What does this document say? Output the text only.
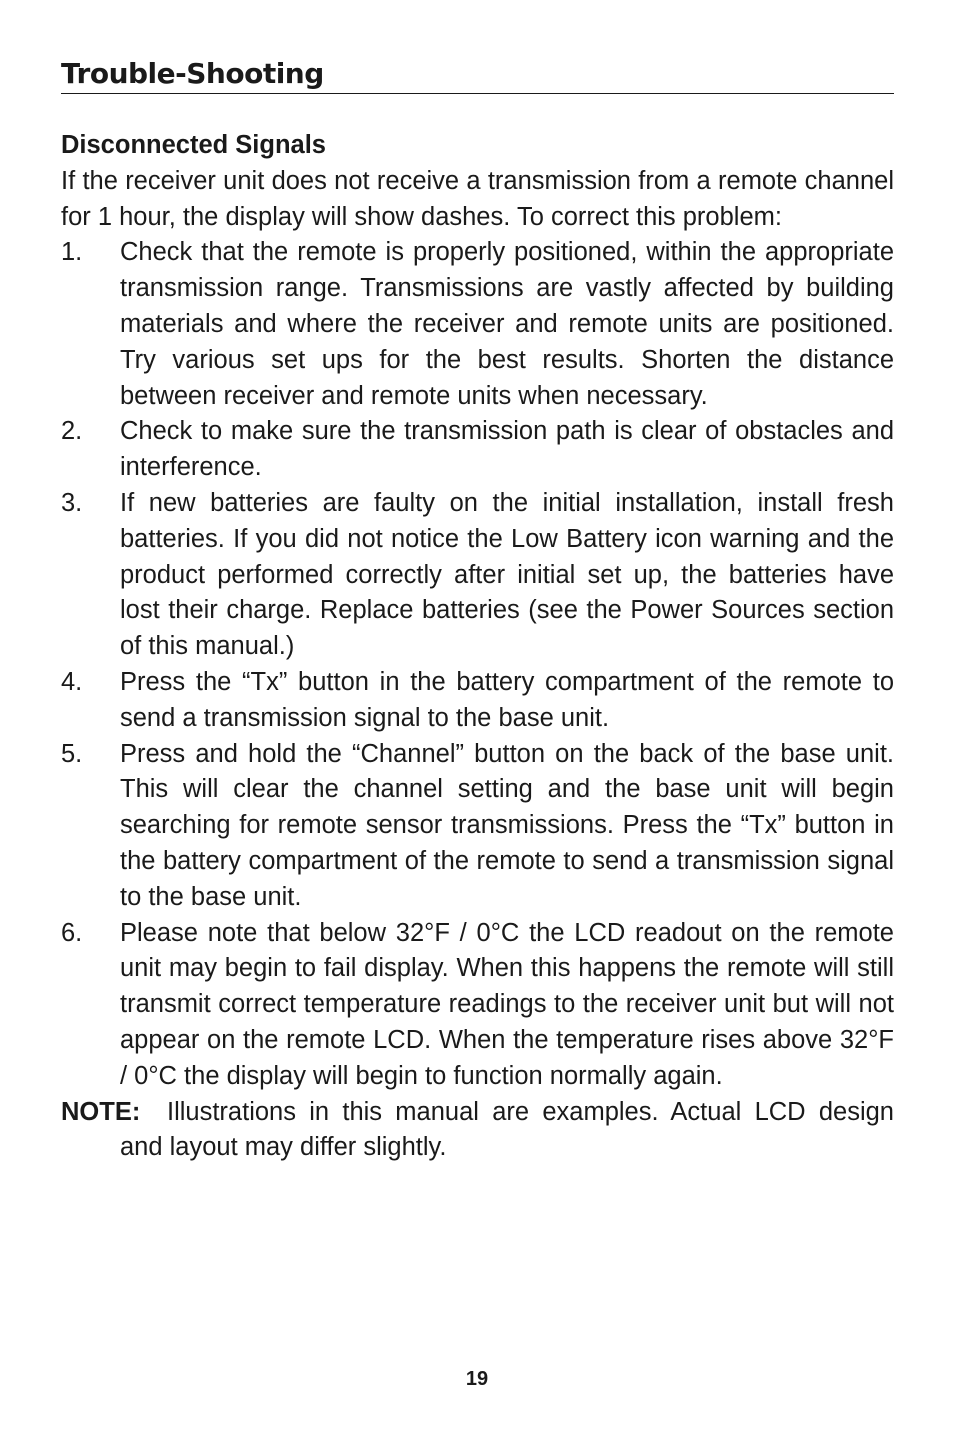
Trouble-Shooting

Disconnected Signals

If the receiver unit does not receive a transmission from a remote channel for 1 hour, the display will show dashes. To correct this problem:

1. Check that the remote is properly positioned, within the appropriate transmission range. Transmissions are vastly affected by building materials and where the receiver and remote units are positioned. Try various set ups for the best results. Shorten the distance between receiver and remote units when necessary.
2. Check to make sure the transmission path is clear of obstacles and interference.
3. If new batteries are faulty on the initial installation, install fresh batteries. If you did not notice the Low Battery icon warning and the product performed correctly after initial set up, the batteries have lost their charge. Replace batteries (see the Power Sources section of this manual.)
4. Press the “Tx” button in the battery compartment of the remote to send a transmission signal to the base unit.
5. Press and hold the “Channel” button on the back of the base unit. This will clear the channel setting and the base unit will begin searching for remote sensor transmissions. Press the “Tx” button in the battery compartment of the remote to send a transmission signal to the base unit.
6. Please note that below 32°F / 0°C the LCD readout on the remote unit may begin to fail display. When this happens the remote will still transmit correct temperature readings to the receiver unit but will not appear on the remote LCD. When the temperature rises above 32°F / 0°C the display will begin to function normally again.
NOTE: Illustrations in this manual are examples. Actual LCD design and layout may differ slightly.
19
